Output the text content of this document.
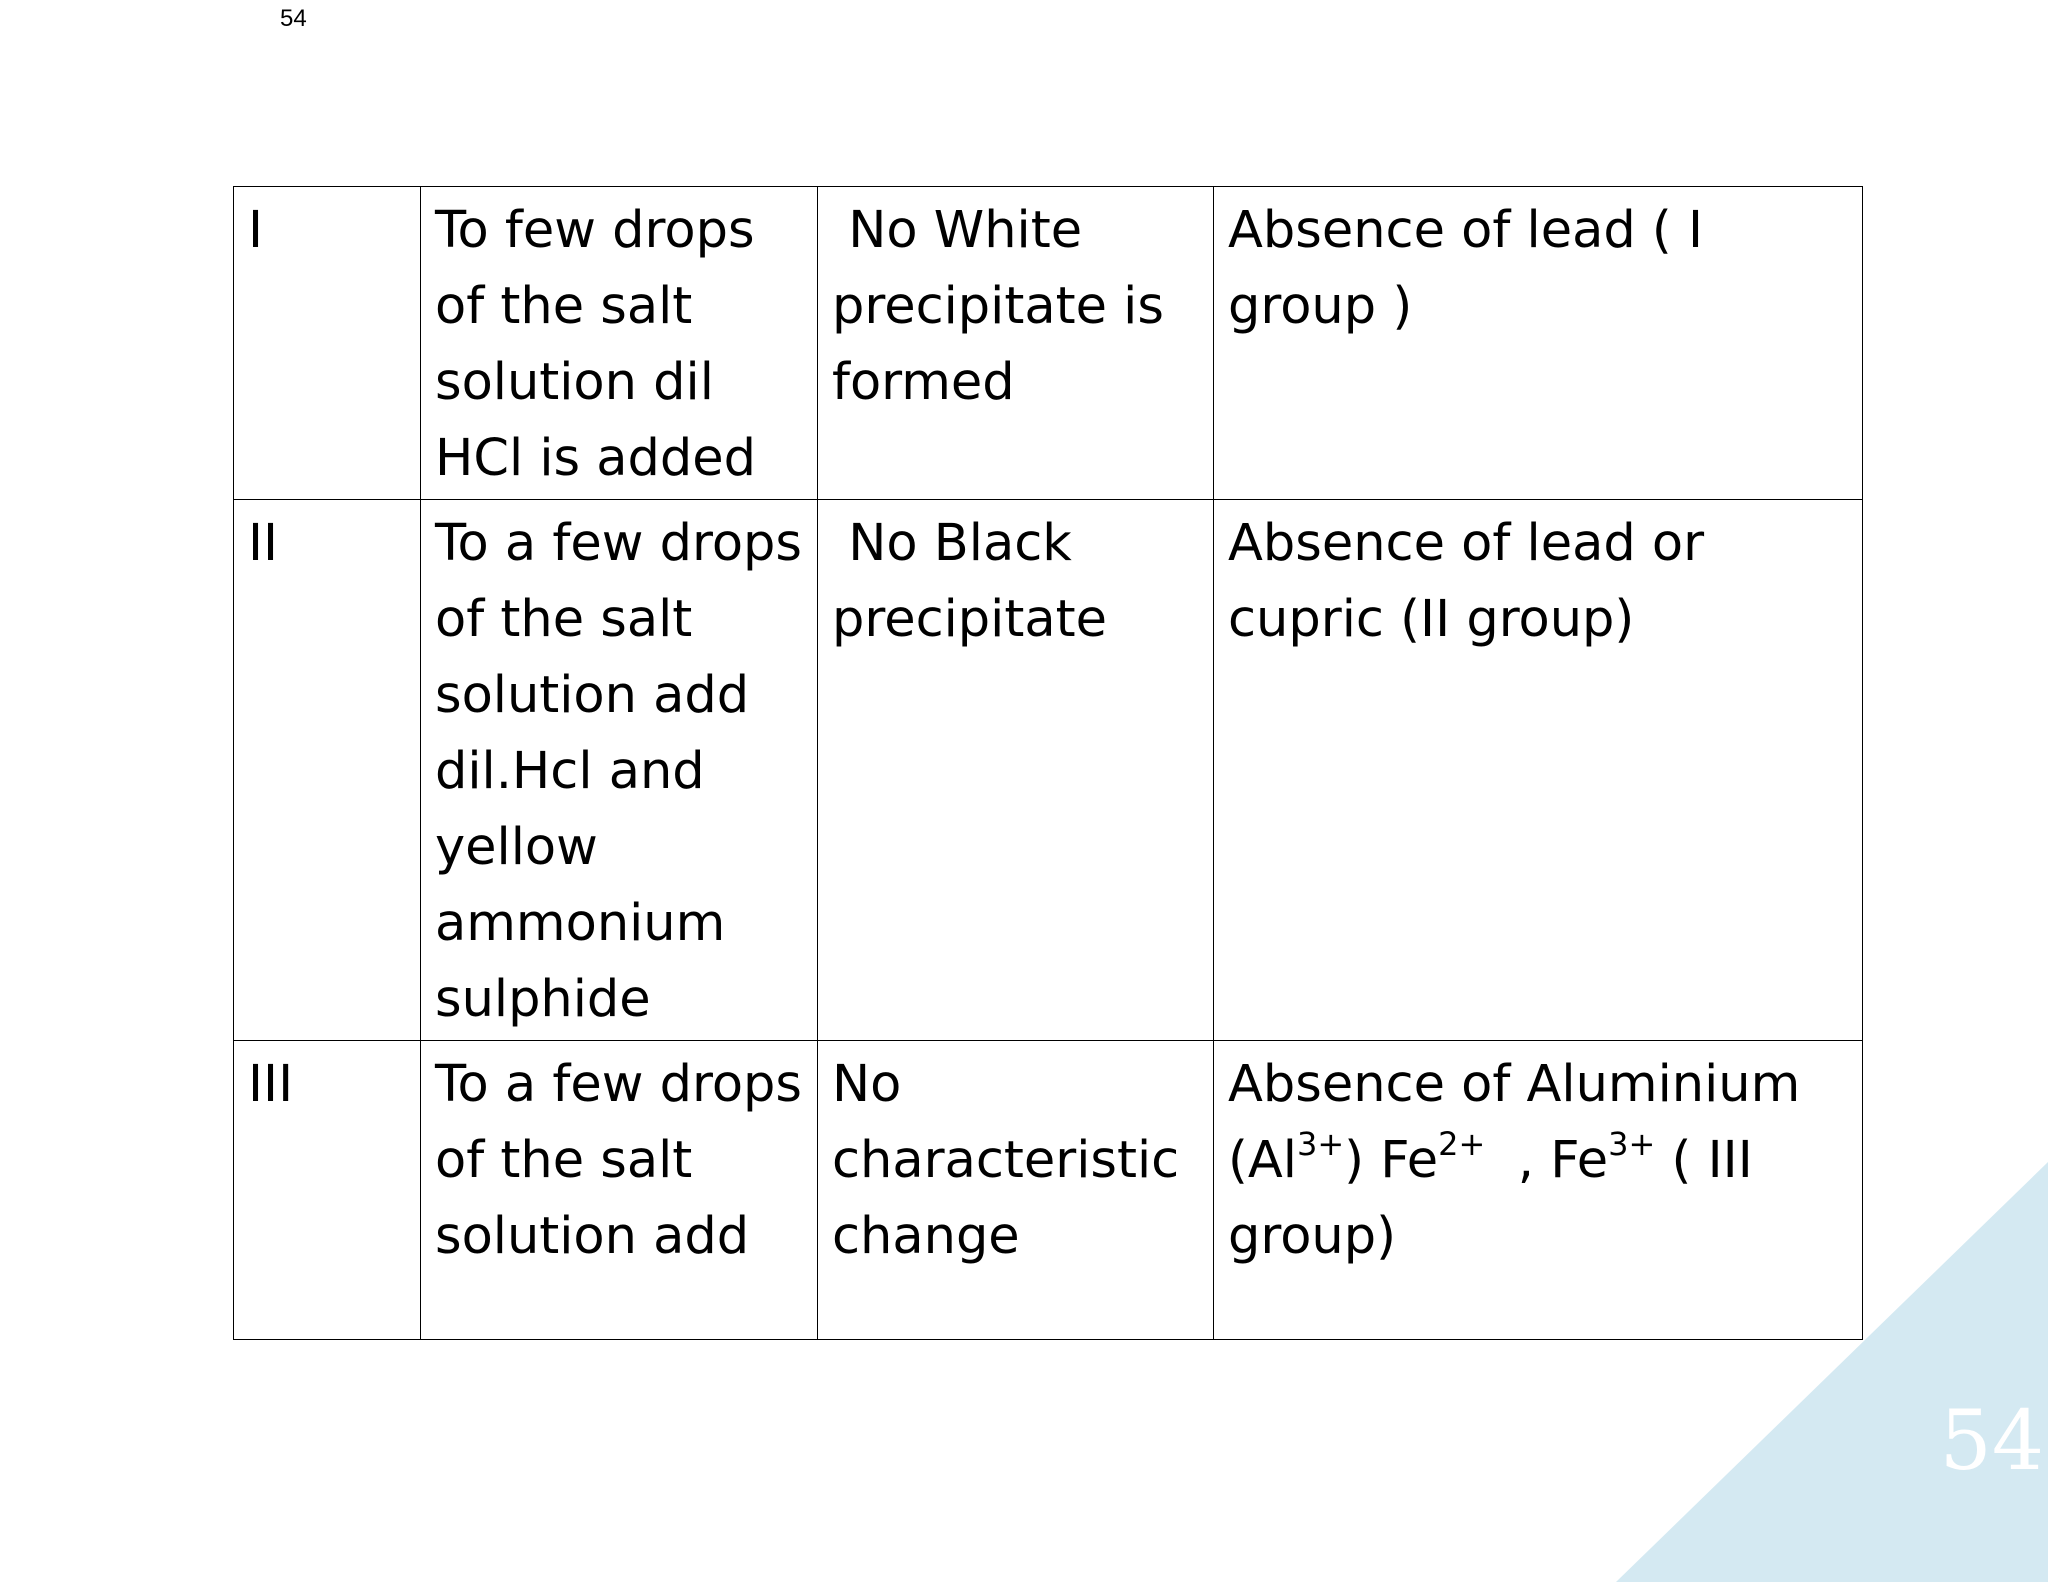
54
54
I	To few drops of the salt solution dil HCl is added	No White precipitate is formed	Absence of lead ( I group )
II	To a few drops of the salt solution add dil.Hcl and yellow ammonium sulphide	No Black precipitate	Absence of lead or cupric (II group)
III	To a few drops of the salt solution add	No characteristic change	Absence of Aluminium $(Al^{3+})$ $Fe^{2+}$  , $Fe^{3+}$ ( III group)
